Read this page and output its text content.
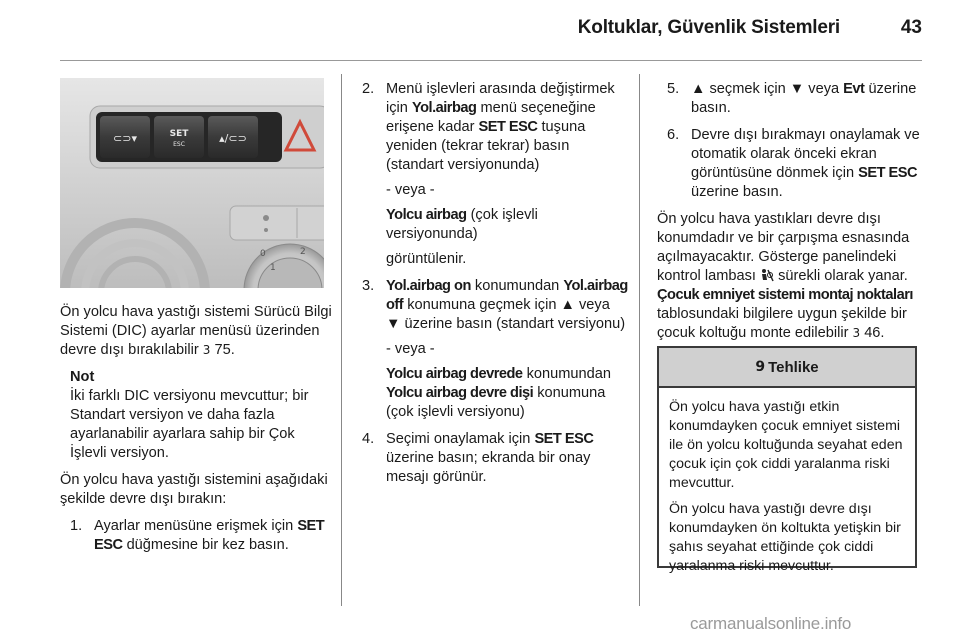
Koltuklar, Güvenlik Sistemleri	43
⊂⊃▾	SET
ESC	▴/⊂⊃
1
2
0

Ön yolcu hava yastığı sistemi Sürücü Bilgi Sistemi (DIC) ayarlar menüsü üzerinden devre dışı bırakılabilir 3 75.

Not
İki farklı DIC versiyonu mevcuttur; bir Standart versiyon ve daha fazla ayarlanabilir ayarlara sahip bir Çok İşlevli versiyon.

Ön yolcu hava yastığı sistemini aşağıdaki şekilde devre dışı bırakın:

1. Ayarlar menüsüne erişmek için SET ESC düğmesine bir kez basın.
2. Menü işlevleri arasında değiştirmek için Yol.airbag menü seçeneğine erişene kadar SET ESC tuşuna yeniden (tekrar tekrar) basın (standart versiyonunda)
- veya -
Yolcu airbag (çok işlevli versiyonunda)
görüntülenir.
3. Yol.airbag on konumundan Yol.airbag off konumuna geçmek için ▲ veya ▼ üzerine basın (standart versiyonu)
- veya -
Yolcu airbag devrede konumundan Yolcu airbag devre dişi konumuna (çok işlevli versiyonu)
4. Seçimi onaylamak için SET ESC üzerine basın; ekranda bir onay mesajı görünür.
5. ▲ seçmek için ▼ veya Evt üzerine basın.
6. Devre dışı bırakmayı onaylamak ve otomatik olarak önceki ekran görüntüsüne dönmek için SET ESC üzerine basın.

Ön yolcu hava yastıkları devre dışı konumdadır ve bir çarpışma esnasında açılmayacaktır. Gösterge panelindeki kontrol lambası  sürekli olarak yanar. Çocuk emniyet sistemi montaj noktaları tablosundaki bilgilere uygun şekilde bir çocuk koltuğu monte edilebilir 3 46.

9 Tehlike

Ön yolcu hava yastığı etkin konumdayken çocuk emniyet sistemi ile ön yolcu koltuğunda seyahat eden çocuk için çok ciddi yaralanma riski mevcuttur.

Ön yolcu hava yastığı devre dışı konumdayken ön koltukta yetişkin bir şahıs seyahat ettiğinde çok ciddi yaralanma riski mevcuttur.

carmanualsonline.info
